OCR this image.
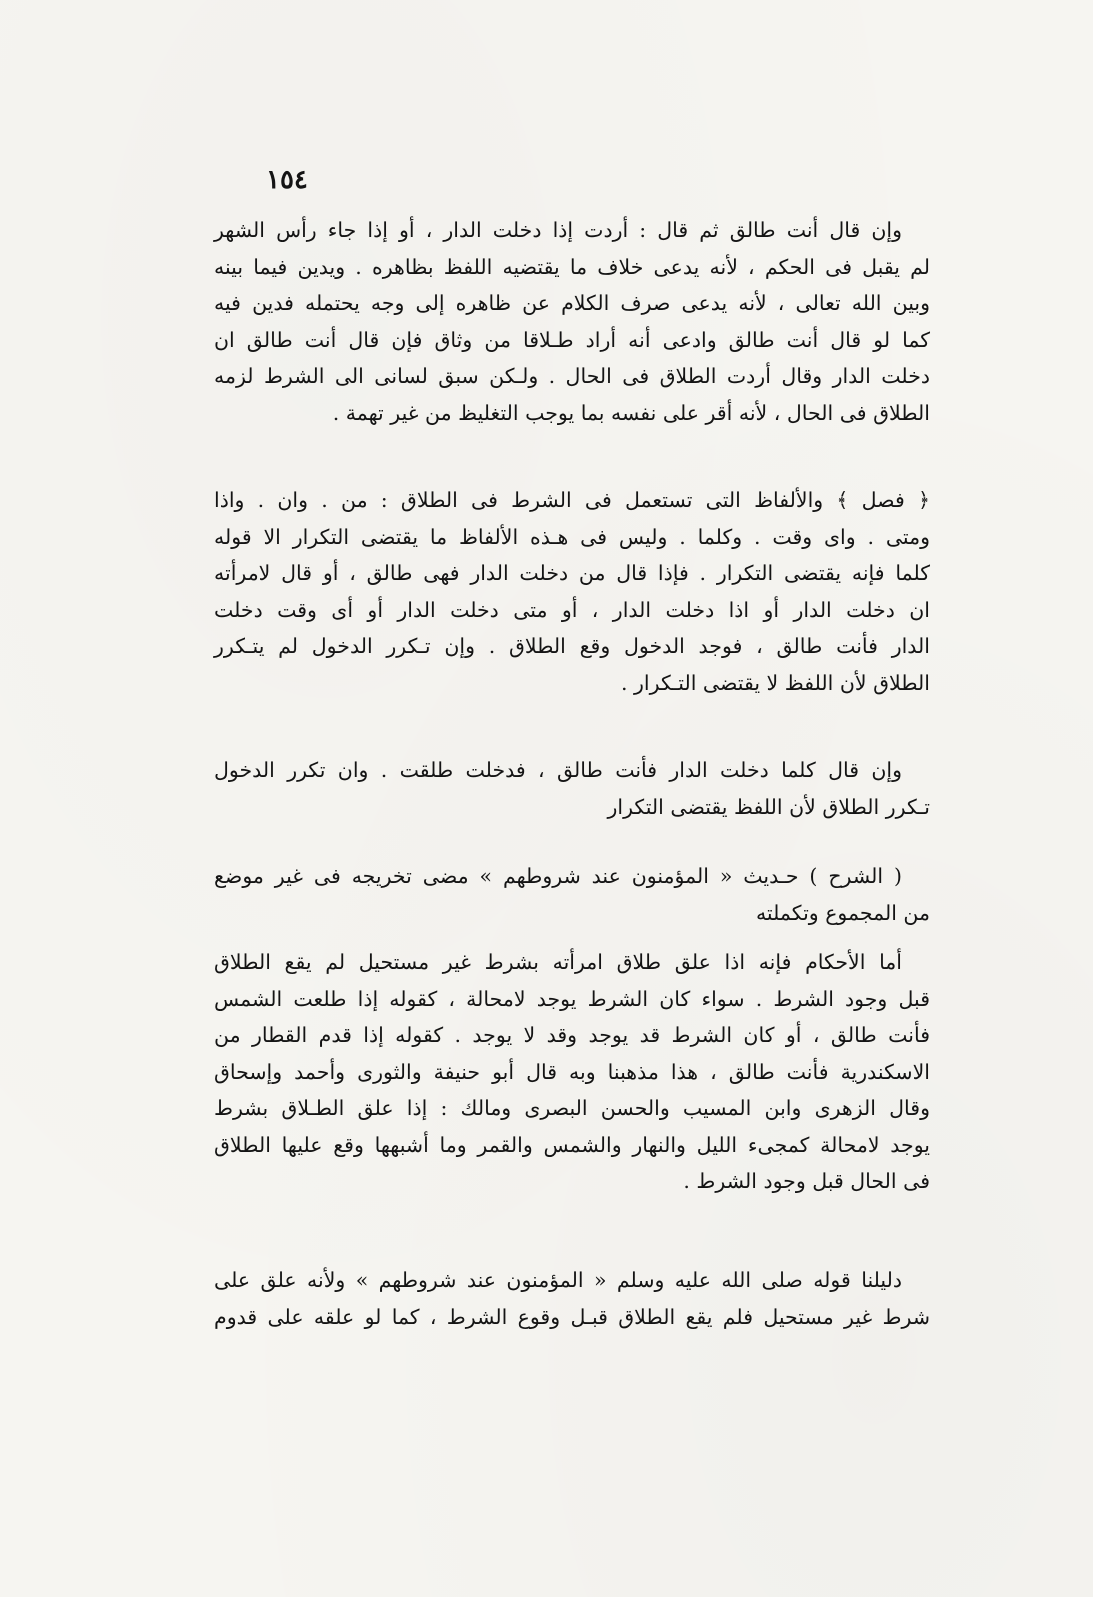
١٥٤
وإن قال أنت طالق ثم قال : أردت إذا دخلت الدار ، أو إذا جاء رأس الشهر
لم يقبل فى الحكم ، لأنه يدعى خلاف ما يقتضيه اللفظ بظاهره . ويدين فيما بينه
وبين الله تعالى ، لأنه يدعى صرف الكلام عن ظاهره إلى وجه يحتمله فدين فيه
كما لو قال أنت طالق وادعى أنه أراد طـلاقا من وثاق فإن قال أنت طالق ان
دخلت الدار وقال أردت الطلاق فى الحال . ولـكن سبق لسانى الى الشرط لزمه
الطلاق فى الحال ، لأنه أقر على نفسه بما يوجب التغليظ من غير تهمة .
﴿ فصل ﴾ والألفاظ التى تستعمل فى الشرط فى الطلاق : من . وان . واذا
ومتى . واى وقت . وكلما . وليس فى هـذه الألفاظ ما يقتضى التكرار الا قوله
كلما فإنه يقتضى التكرار . فإذا قال من دخلت الدار فهى طالق ، أو قال لامرأته
ان دخلت الدار أو اذا دخلت الدار ، أو متى دخلت الدار أو أى وقت دخلت
الدار فأنت طالق ، فوجد الدخول وقع الطلاق . وإن تـكرر الدخول لم يتـكرر
الطلاق لأن اللفظ لا يقتضى التـكرار .
وإن قال كلما دخلت الدار فأنت طالق ، فدخلت طلقت . وان تكرر الدخول
تـكرر الطلاق لأن اللفظ يقتضى التكرار
( الشرح ) حـديث « المؤمنون عند شروطهم » مضى تخريجه فى غير موضع
من المجموع وتكملته
أما الأحكام فإنه اذا علق طلاق امرأته بشرط غير مستحيل لم يقع الطلاق
قبل وجود الشرط . سواء كان الشرط يوجد لامحالة ، كقوله إذا طلعت الشمس
فأنت طالق ، أو كان الشرط قد يوجد وقد لا يوجد . كقوله إذا قدم القطار من
الاسكندرية فأنت طالق ، هذا مذهبنا وبه قال أبو حنيفة والثورى وأحمد وإسحاق
وقال الزهرى وابن المسيب والحسن البصرى ومالك : إذا علق الطـلاق بشرط
يوجد لامحالة كمجىء الليل والنهار والشمس والقمر وما أشبهها وقع عليها الطلاق
فى الحال قبل وجود الشرط .
دليلنا قوله صلى الله عليه وسلم « المؤمنون عند شروطهم » ولأنه علق على
شرط غير مستحيل فلم يقع الطلاق قبـل وقوع الشرط ، كما لو علقه على قدوم
